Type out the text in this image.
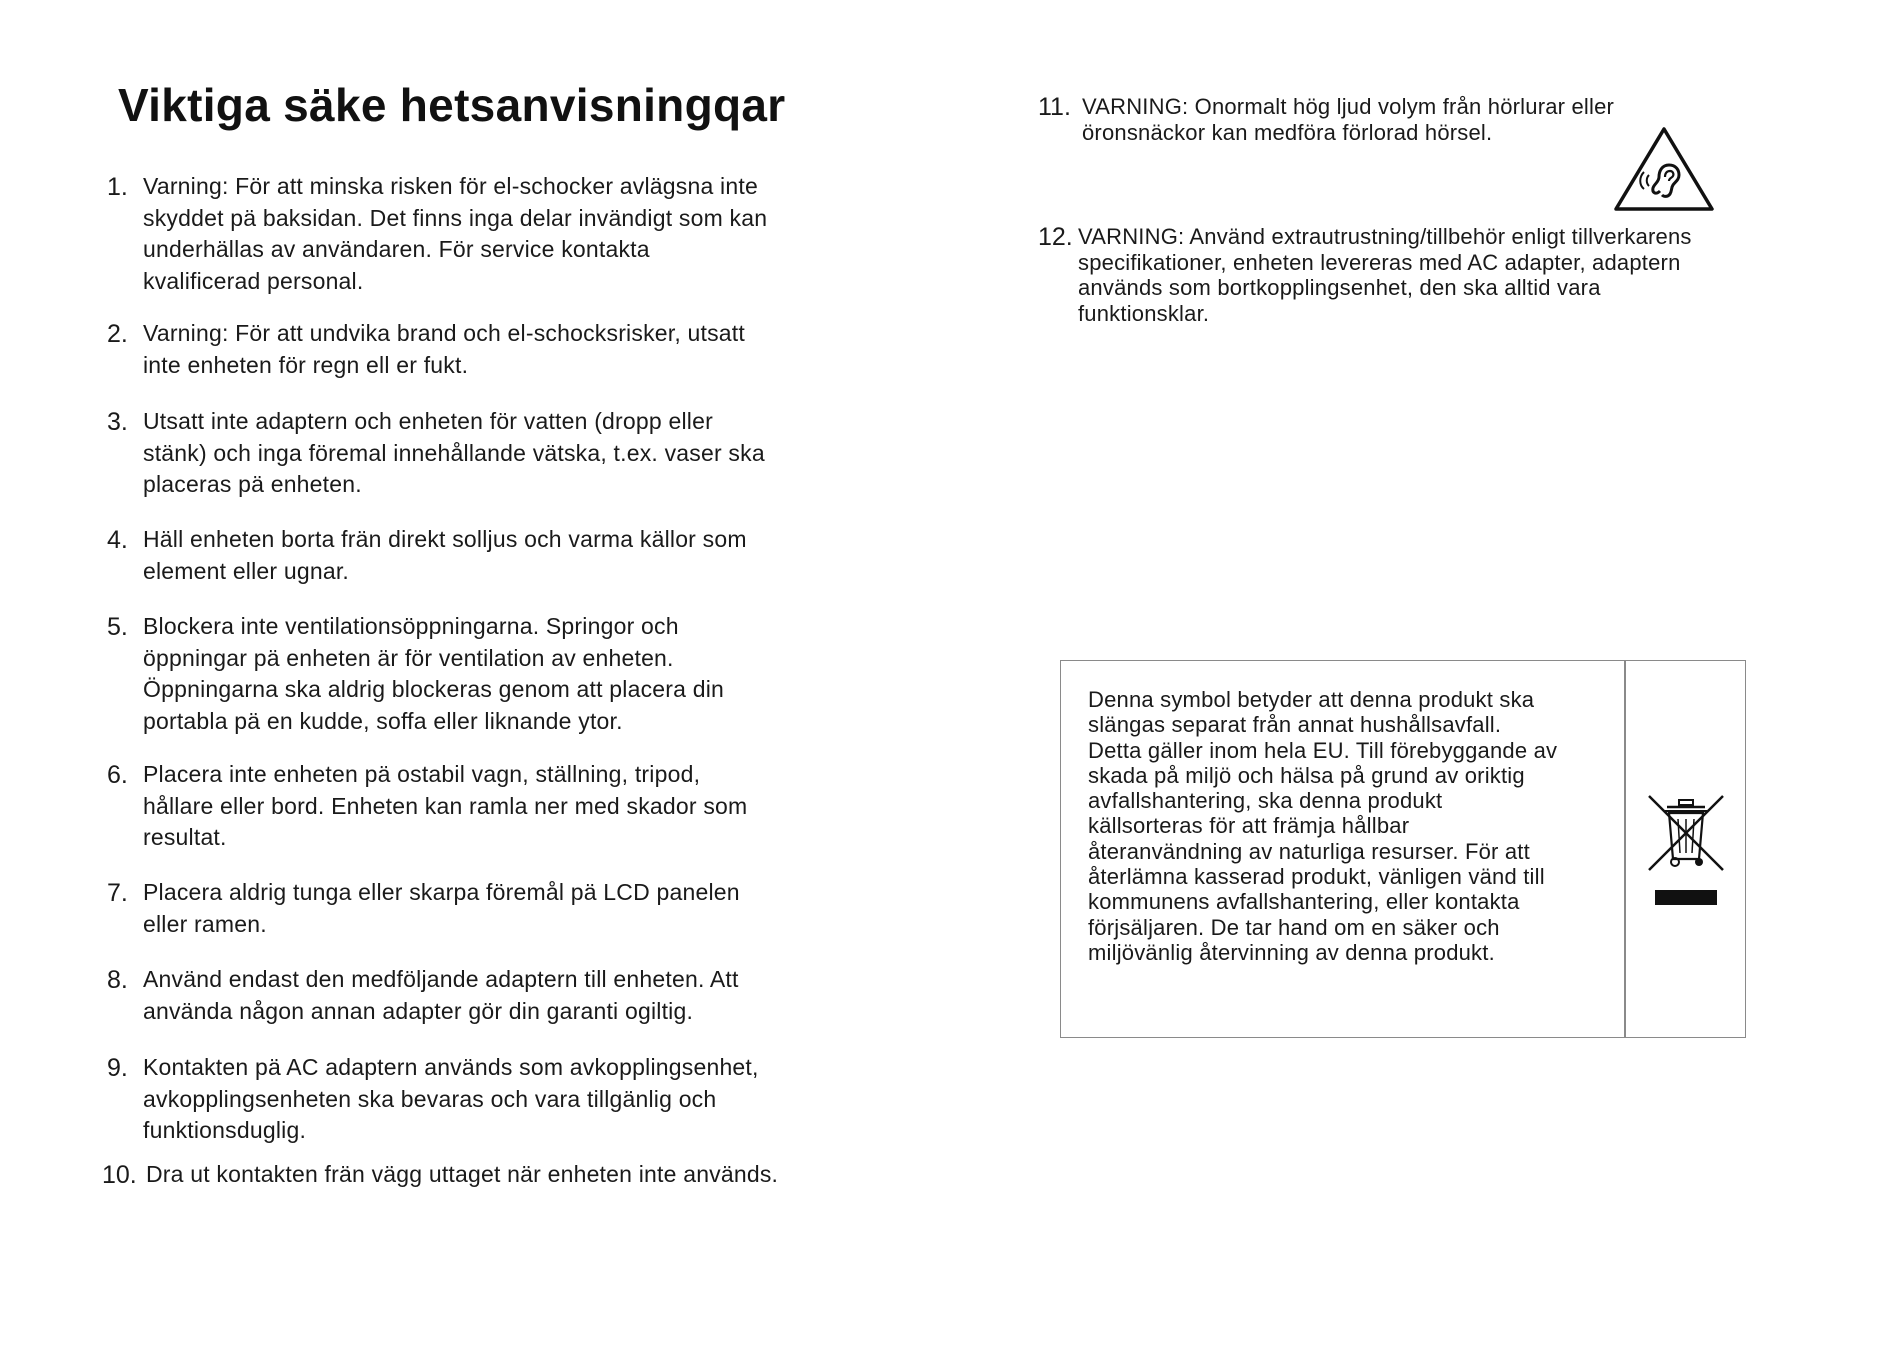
Viktiga säke hetsanvisningqar
1. Varning: För att minska risken för el-schocker avlägsna inte
skyddet pä baksidan. Det finns inga delar invändigt som kan
underhällas av användaren. För service kontakta
kvalificerad personal.
2. Varning: För att undvika brand och el-schocksrisker, utsatt
inte enheten för regn ell er fukt.
3. Utsatt inte adaptern och enheten för vatten (dropp eller
stänk) och inga föremal innehållande vätska, t.ex. vaser ska
placeras pä enheten.
4. Häll enheten borta frän direkt solljus och varma källor som
element eller ugnar.
5. Blockera inte ventilationsöppningarna. Springor och
öppningar pä enheten är för ventilation av enheten.
Öppningarna ska aldrig blockeras genom att placera din
portabla pä en kudde, soffa eller liknande ytor.
6. Placera inte enheten pä ostabil vagn, ställning, tripod,
hållare eller bord. Enheten kan ramla ner med skador som
resultat.
7. Placera aldrig tunga eller skarpa föremål pä LCD panelen
eller ramen.
8. Använd endast den medföljande adaptern till enheten. Att
använda någon annan adapter gör din garanti ogiltig.
9. Kontakten pä AC adaptern används som avkopplingsenhet,
avkopplingsenheten ska bevaras och vara tillgänlig och
funktionsduglig.
10. Dra ut kontakten frän vägg uttaget när enheten inte används.
11. VARNING: Onormalt hög ljud volym från hörlurar eller
öronsnäckor kan medföra förlorad hörsel.
12. VARNING: Använd extrautrustning/tillbehör enligt tillverkarens
specifikationer, enheten levereras med AC adapter, adaptern
används som bortkopplingsenhet, den ska alltid vara
funktionsklar.
Denna symbol betyder att denna produkt ska
slängas separat från annat hushållsavfall.
Detta gäller inom hela EU. Till förebyggande av
skada på miljö och hälsa på grund av oriktig
avfallshantering, ska denna produkt
källsorteras för att främja hållbar
återanvändning av naturliga resurser. För att
återlämna kasserad produkt, vänligen vänd till
kommunens avfallshantering, eller kontakta
förjsäljaren. De tar hand om en säker och
miljövänlig återvinning av denna produkt.
